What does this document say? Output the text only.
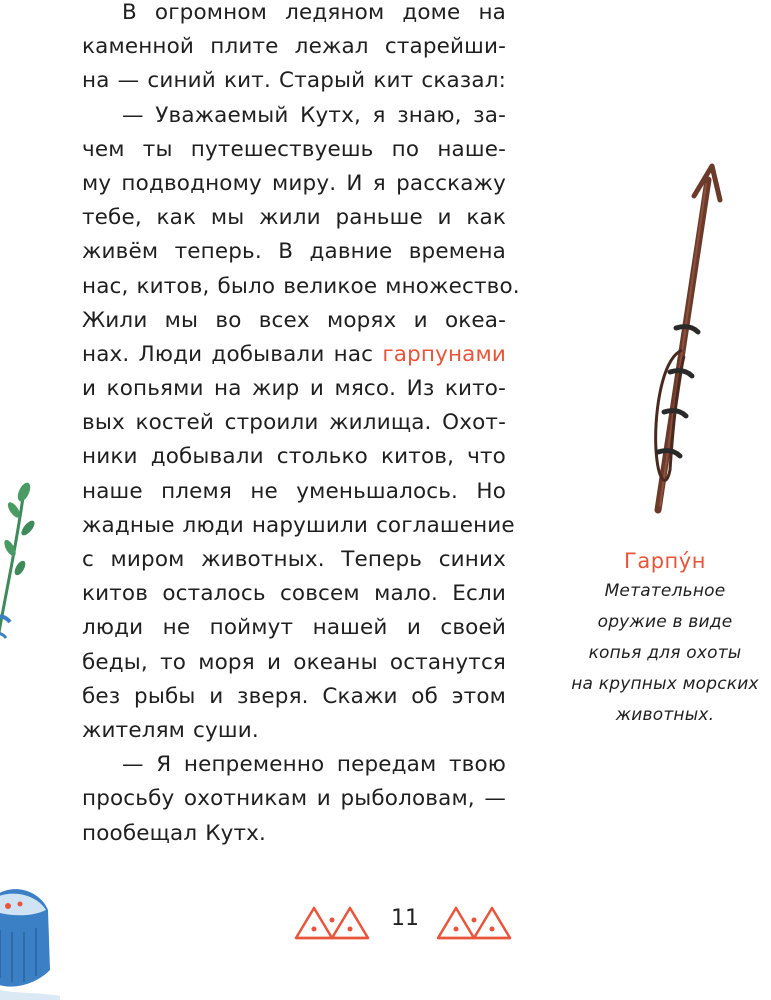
В огромном ледяном доме на
каменной плите лежал старейши-
на — синий кит. Старый кит сказал:
— Уважаемый Кутх, я знаю, за-
чем ты путешествуешь по наше-
му подводному миру. И я расскажу
тебе, как мы жили раньше и как
живём теперь. В давние времена
нас, китов, было великое множество.
Жили мы во всех морях и океа-
нах. Люди добывали нас гарпунами
и копьями на жир и мясо. Из кито-
вых костей строили жилища. Охот-
ники добывали столько китов, что
наше племя не уменьшалось. Но
жадные люди нарушили соглашение
с миром животных. Теперь синих
китов осталось совсем мало. Если
люди не поймут нашей и своей
беды, то моря и океаны останутся
без рыбы и зверя. Скажи об этом
жителям суши.
— Я непременно передам твою
просьбу охотникам и рыболовам, —
пообещал Кутх.
Гарпу́н
Метательное
оружие в виде
копья для охоты
на крупных морских
животных.
11
